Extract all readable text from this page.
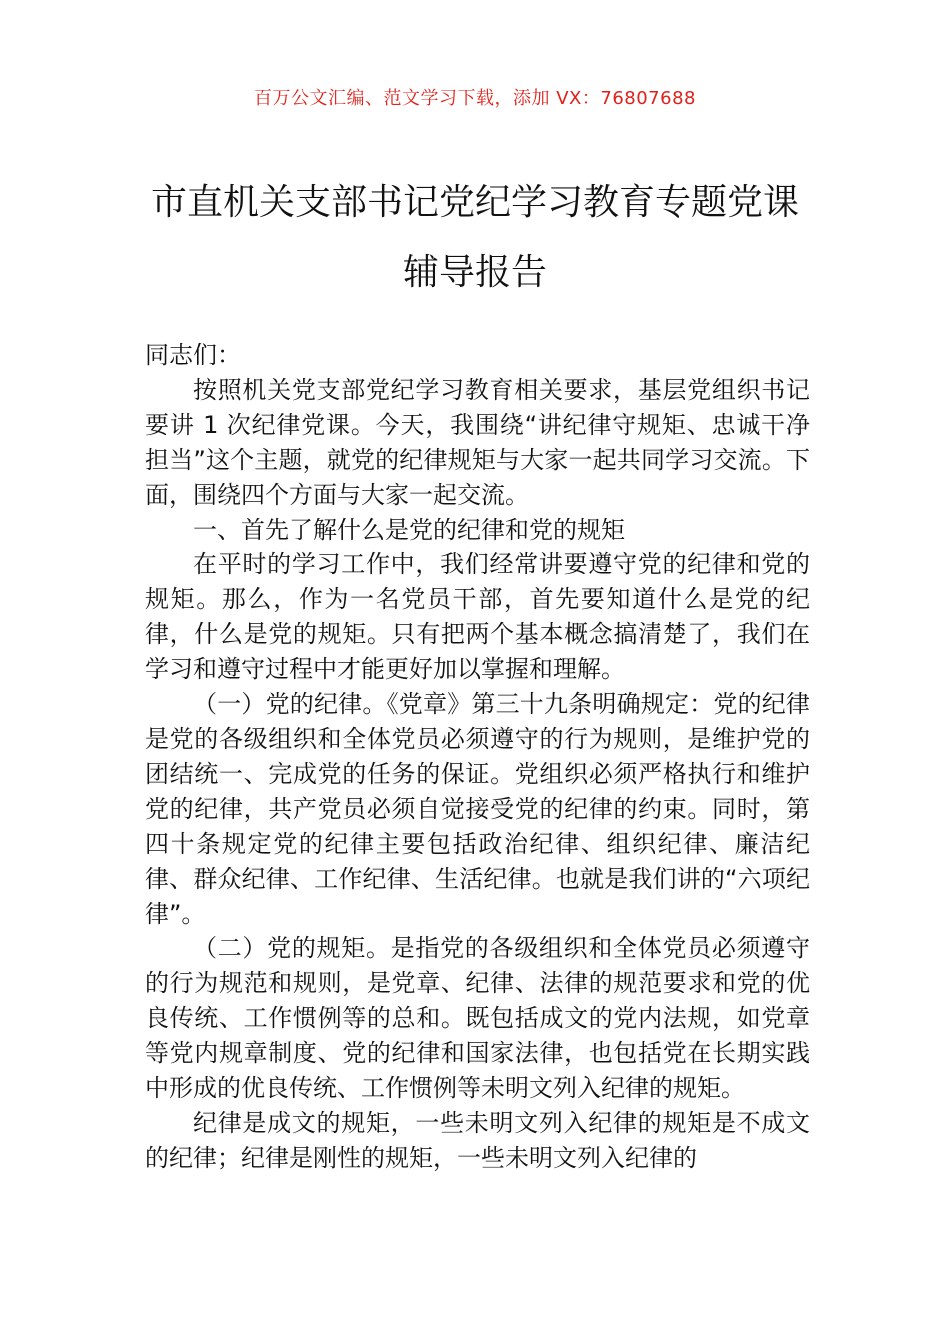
百万公文汇编、范文学习下载，添加 VX：76807688
市直机关支部书记党纪学习教育专题党课
辅导报告

同志们：

按照机关党支部党纪学习教育相关要求，基层党组织书记要讲 1 次纪律党课。今天，我围绕“讲纪律守规矩、忠诚干净担当”这个主题，就党的纪律规矩与大家一起共同学习交流。下面，围绕四个方面与大家一起交流。

一、首先了解什么是党的纪律和党的规矩

在平时的学习工作中，我们经常讲要遵守党的纪律和党的规矩。那么，作为一名党员干部，首先要知道什么是党的纪律，什么是党的规矩。只有把两个基本概念搞清楚了，我们在学习和遵守过程中才能更好加以掌握和理解。

（一）党的纪律。《党章》第三十九条明确规定：党的纪律是党的各级组织和全体党员必须遵守的行为规则，是维护党的团结统一、完成党的任务的保证。党组织必须严格执行和维护党的纪律，共产党员必须自觉接受党的纪律的约束。同时，第四十条规定党的纪律主要包括政治纪律、组织纪律、廉洁纪律、群众纪律、工作纪律、生活纪律。也就是我们讲的“六项纪律”。

（二）党的规矩。是指党的各级组织和全体党员必须遵守的行为规范和规则，是党章、纪律、法律的规范要求和党的优良传统、工作惯例等的总和。既包括成文的党内法规，如党章等党内规章制度、党的纪律和国家法律，也包括党在长期实践中形成的优良传统、工作惯例等未明文列入纪律的规矩。

纪律是成文的规矩，一些未明文列入纪律的规矩是不成文的纪律；纪律是刚性的规矩，一些未明文列入纪律的
